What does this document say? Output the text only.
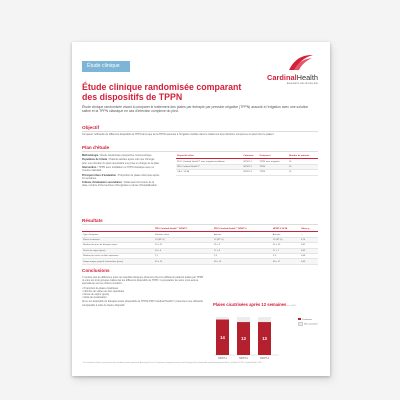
Étude clinique
CardinalHealth
Essential to care du bien-être
Étude clinique randomisée comparant des dispositifs de TPPN
Étude clinique randomisée visant à comparer le traitement des plaies par thérapie par pression négative (TPPN) associé à l'irrigation avec une solution saline et la TPPN classique en cas d'infection complexe du pied.
Objectif
Comparer l'efficacité de différents dispositifs de TPPN ainsi que de la TPPN associée à l'irrigation instillée dans le traitement des infections complexes du pied chez le patient.
Plan d'étude
Méthodologie : Étude randomisée prospective monocentrique.
Population de l'étude : Patients adultes ayant subi une chirurgie pour une infection du pied nécessitant une prise en charge de la plaie.
Intervention : TPPN avec instillation ou TPPN classique avec un mousse standard.
Principal critère d'évaluation : Proportion de plaies refermées après 12 semaines.
Critères d'évaluation secondaires : Délai avant fermeture de la plaie, nombre d'interventions chirurgicales et durée d'hospitalisation.
Dispositif utilisé	Fabricant	Traitement	Nombre de patients
PICO Cardinal Health™ avec irrigation instillation	NPWT-1	TPPN avec irrigation	15
PRO Cardinal Health™	NPWT-2	TPPN	15
V.A.C. ULTA	NPWT-3	TPPN	15
Résultats
	PRO Cardinal Health™ NPWT-1	PRO Cardinal Health™ NPWT-2	NPWT-3 ULTA	Valeur p
Type d'irrigation	Solution saline	Aucune	Aucune	—
Plaies cicatrisées	14 (93 %)	13 (87 %)	13 (87 %)	0,74
Nombre de jours de thérapie requis	23 ± 11	25 ± 9	24 ± 13	0,81
Durée du séjour (jours)	16 ± 6	17 ± 6	17 ± 7	0,92
Nombre de visites au bloc opératoire	2,1	2,3	2,3	0,68
Temps moyen jusqu'à cicatrisation (jours)	43 ± 15	49 ± 13	48 ± 17	0,45
Conclusions
Il n'existe pas de différence entre les résultats cliniques observés chez les différents patients traités par TPPN ni entre les trois groupes traités par les différents dispositifs de TPPN : la prestation de soins s'est avérée équivalente sur les critères suivants :
• Proportion de plaies cicatrisées
• Nombre de visites au bloc opératoire
• Durée du séjour (jours)
• Délai de cicatrisation
Ainsi, les dispositifs de thérapie testés (dispositifs de TPPN) PRO Cardinal Health™ présentent une efficacité comparable à celle de l'autre dispositif.	Plaies cicatrisées après 12 semaines p = 0,74
14
NPWT-1
13
NPWT-2
13
NPWT-3
Cicatrisées
Non cicatrisées
* Les résultats de l'étude ne peuvent pas être considérés comme significatifs. Armstrong DG et al. Comparison of negative pressure wound therapy with an ultraportable mechanically powered device. Int Wound J 2011; Cardinal Health, 2023.
